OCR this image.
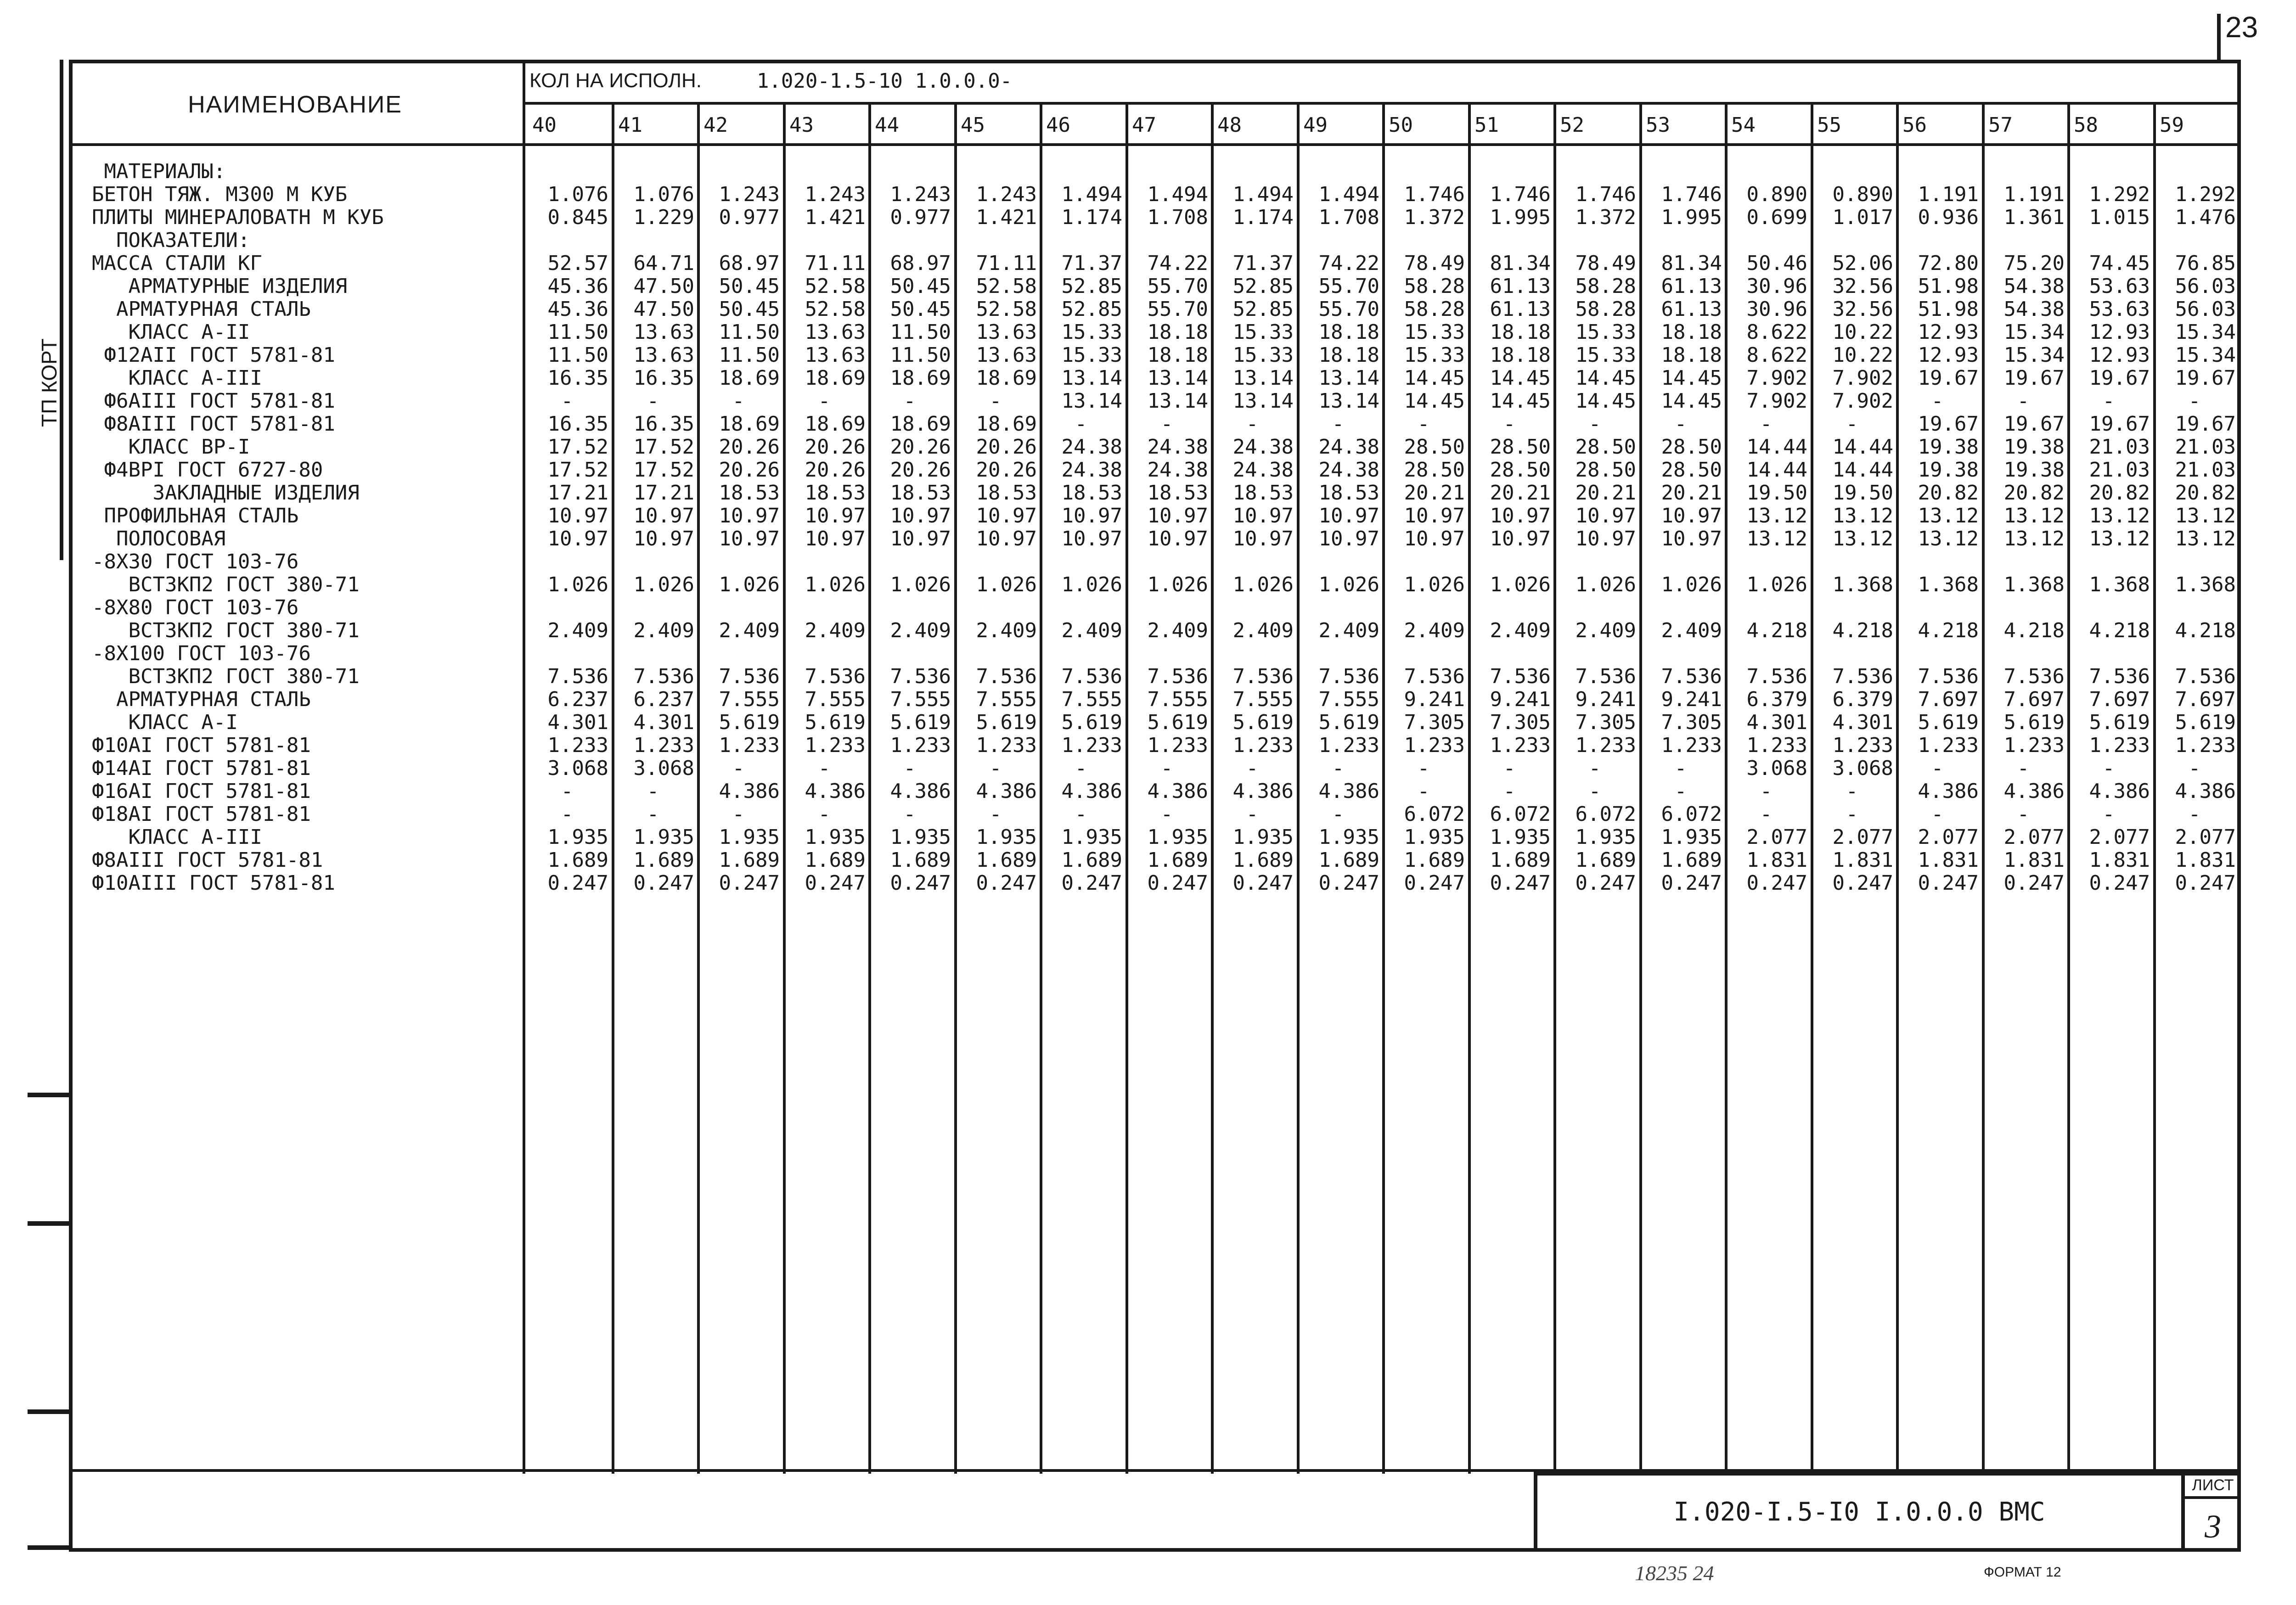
23
ТП КОРТ
НАИМЕНОВАНИЕ
КОЛ НА ИСПОЛН.	1.020-1.5-10 1.0.0.0-
40	41	42	43	44	45	46	47	48	49	50	51	52	53	54	55	56	57	58	59
МАТЕРИАЛЫ:
БЕТОН ТЯЖ. М300 М КУБ	1.076	1.076	1.243	1.243	1.243	1.243	1.494	1.494	1.494	1.494	1.746	1.746	1.746	1.746	0.890	0.890	1.191	1.191	1.292	1.292
ПЛИТЫ МИНЕРАЛОВАТН М КУБ	0.845	1.229	0.977	1.421	0.977	1.421	1.174	1.708	1.174	1.708	1.372	1.995	1.372	1.995	0.699	1.017	0.936	1.361	1.015	1.476
ПОКАЗАТЕЛИ:
МАССА СТАЛИ КГ	52.57	64.71	68.97	71.11	68.97	71.11	71.37	74.22	71.37	74.22	78.49	81.34	78.49	81.34	50.46	52.06	72.80	75.20	74.45	76.85
АРМАТУРНЫЕ ИЗДЕЛИЯ	45.36	47.50	50.45	52.58	50.45	52.58	52.85	55.70	52.85	55.70	58.28	61.13	58.28	61.13	30.96	32.56	51.98	54.38	53.63	56.03
АРМАТУРНАЯ СТАЛЬ	45.36	47.50	50.45	52.58	50.45	52.58	52.85	55.70	52.85	55.70	58.28	61.13	58.28	61.13	30.96	32.56	51.98	54.38	53.63	56.03
КЛАСС А-II	11.50	13.63	11.50	13.63	11.50	13.63	15.33	18.18	15.33	18.18	15.33	18.18	15.33	18.18	8.622	10.22	12.93	15.34	12.93	15.34
Ф12АII ГОСТ 5781-81	11.50	13.63	11.50	13.63	11.50	13.63	15.33	18.18	15.33	18.18	15.33	18.18	15.33	18.18	8.622	10.22	12.93	15.34	12.93	15.34
КЛАСС А-III	16.35	16.35	18.69	18.69	18.69	18.69	13.14	13.14	13.14	13.14	14.45	14.45	14.45	14.45	7.902	7.902	19.67	19.67	19.67	19.67
Ф6АIII ГОСТ 5781-81	-	-	-	-	-	-	13.14	13.14	13.14	13.14	14.45	14.45	14.45	14.45	7.902	7.902	-	-	-	-
Ф8АIII ГОСТ 5781-81	16.35	16.35	18.69	18.69	18.69	18.69	-	-	-	-	-	-	-	-	-	-	19.67	19.67	19.67	19.67
КЛАСС ВР-I	17.52	17.52	20.26	20.26	20.26	20.26	24.38	24.38	24.38	24.38	28.50	28.50	28.50	28.50	14.44	14.44	19.38	19.38	21.03	21.03
Ф4ВРI ГОСТ 6727-80	17.52	17.52	20.26	20.26	20.26	20.26	24.38	24.38	24.38	24.38	28.50	28.50	28.50	28.50	14.44	14.44	19.38	19.38	21.03	21.03
ЗАКЛАДНЫЕ ИЗДЕЛИЯ	17.21	17.21	18.53	18.53	18.53	18.53	18.53	18.53	18.53	18.53	20.21	20.21	20.21	20.21	19.50	19.50	20.82	20.82	20.82	20.82
ПРОФИЛЬНАЯ СТАЛЬ	10.97	10.97	10.97	10.97	10.97	10.97	10.97	10.97	10.97	10.97	10.97	10.97	10.97	10.97	13.12	13.12	13.12	13.12	13.12	13.12
ПОЛОСОВАЯ	10.97	10.97	10.97	10.97	10.97	10.97	10.97	10.97	10.97	10.97	10.97	10.97	10.97	10.97	13.12	13.12	13.12	13.12	13.12	13.12
-8Х30 ГОСТ 103-76
ВСТ3КП2 ГОСТ 380-71	1.026	1.026	1.026	1.026	1.026	1.026	1.026	1.026	1.026	1.026	1.026	1.026	1.026	1.026	1.026	1.368	1.368	1.368	1.368	1.368
-8Х80 ГОСТ 103-76
ВСТ3КП2 ГОСТ 380-71	2.409	2.409	2.409	2.409	2.409	2.409	2.409	2.409	2.409	2.409	2.409	2.409	2.409	2.409	4.218	4.218	4.218	4.218	4.218	4.218
-8Х100 ГОСТ 103-76
ВСТ3КП2 ГОСТ 380-71	7.536	7.536	7.536	7.536	7.536	7.536	7.536	7.536	7.536	7.536	7.536	7.536	7.536	7.536	7.536	7.536	7.536	7.536	7.536	7.536
АРМАТУРНАЯ СТАЛЬ	6.237	6.237	7.555	7.555	7.555	7.555	7.555	7.555	7.555	7.555	9.241	9.241	9.241	9.241	6.379	6.379	7.697	7.697	7.697	7.697
КЛАСС А-I	4.301	4.301	5.619	5.619	5.619	5.619	5.619	5.619	5.619	5.619	7.305	7.305	7.305	7.305	4.301	4.301	5.619	5.619	5.619	5.619
Ф10АI ГОСТ 5781-81	1.233	1.233	1.233	1.233	1.233	1.233	1.233	1.233	1.233	1.233	1.233	1.233	1.233	1.233	1.233	1.233	1.233	1.233	1.233	1.233
Ф14АI ГОСТ 5781-81	3.068	3.068	-	-	-	-	-	-	-	-	-	-	-	-	3.068	3.068	-	-	-	-
Ф16АI ГОСТ 5781-81	-	-	4.386	4.386	4.386	4.386	4.386	4.386	4.386	4.386	-	-	-	-	-	-	4.386	4.386	4.386	4.386
Ф18АI ГОСТ 5781-81	-	-	-	-	-	-	-	-	-	-	6.072	6.072	6.072	6.072	-	-	-	-	-	-
КЛАСС А-III	1.935	1.935	1.935	1.935	1.935	1.935	1.935	1.935	1.935	1.935	1.935	1.935	1.935	1.935	2.077	2.077	2.077	2.077	2.077	2.077
Ф8АIII ГОСТ 5781-81	1.689	1.689	1.689	1.689	1.689	1.689	1.689	1.689	1.689	1.689	1.689	1.689	1.689	1.689	1.831	1.831	1.831	1.831	1.831	1.831
Ф10АIII ГОСТ 5781-81	0.247	0.247	0.247	0.247	0.247	0.247	0.247	0.247	0.247	0.247	0.247	0.247	0.247	0.247	0.247	0.247	0.247	0.247	0.247	0.247
I.020-I.5-I0 I.0.0.0 ВМС
ЛИСТ
3
18235 24	ФОРМАТ 12
